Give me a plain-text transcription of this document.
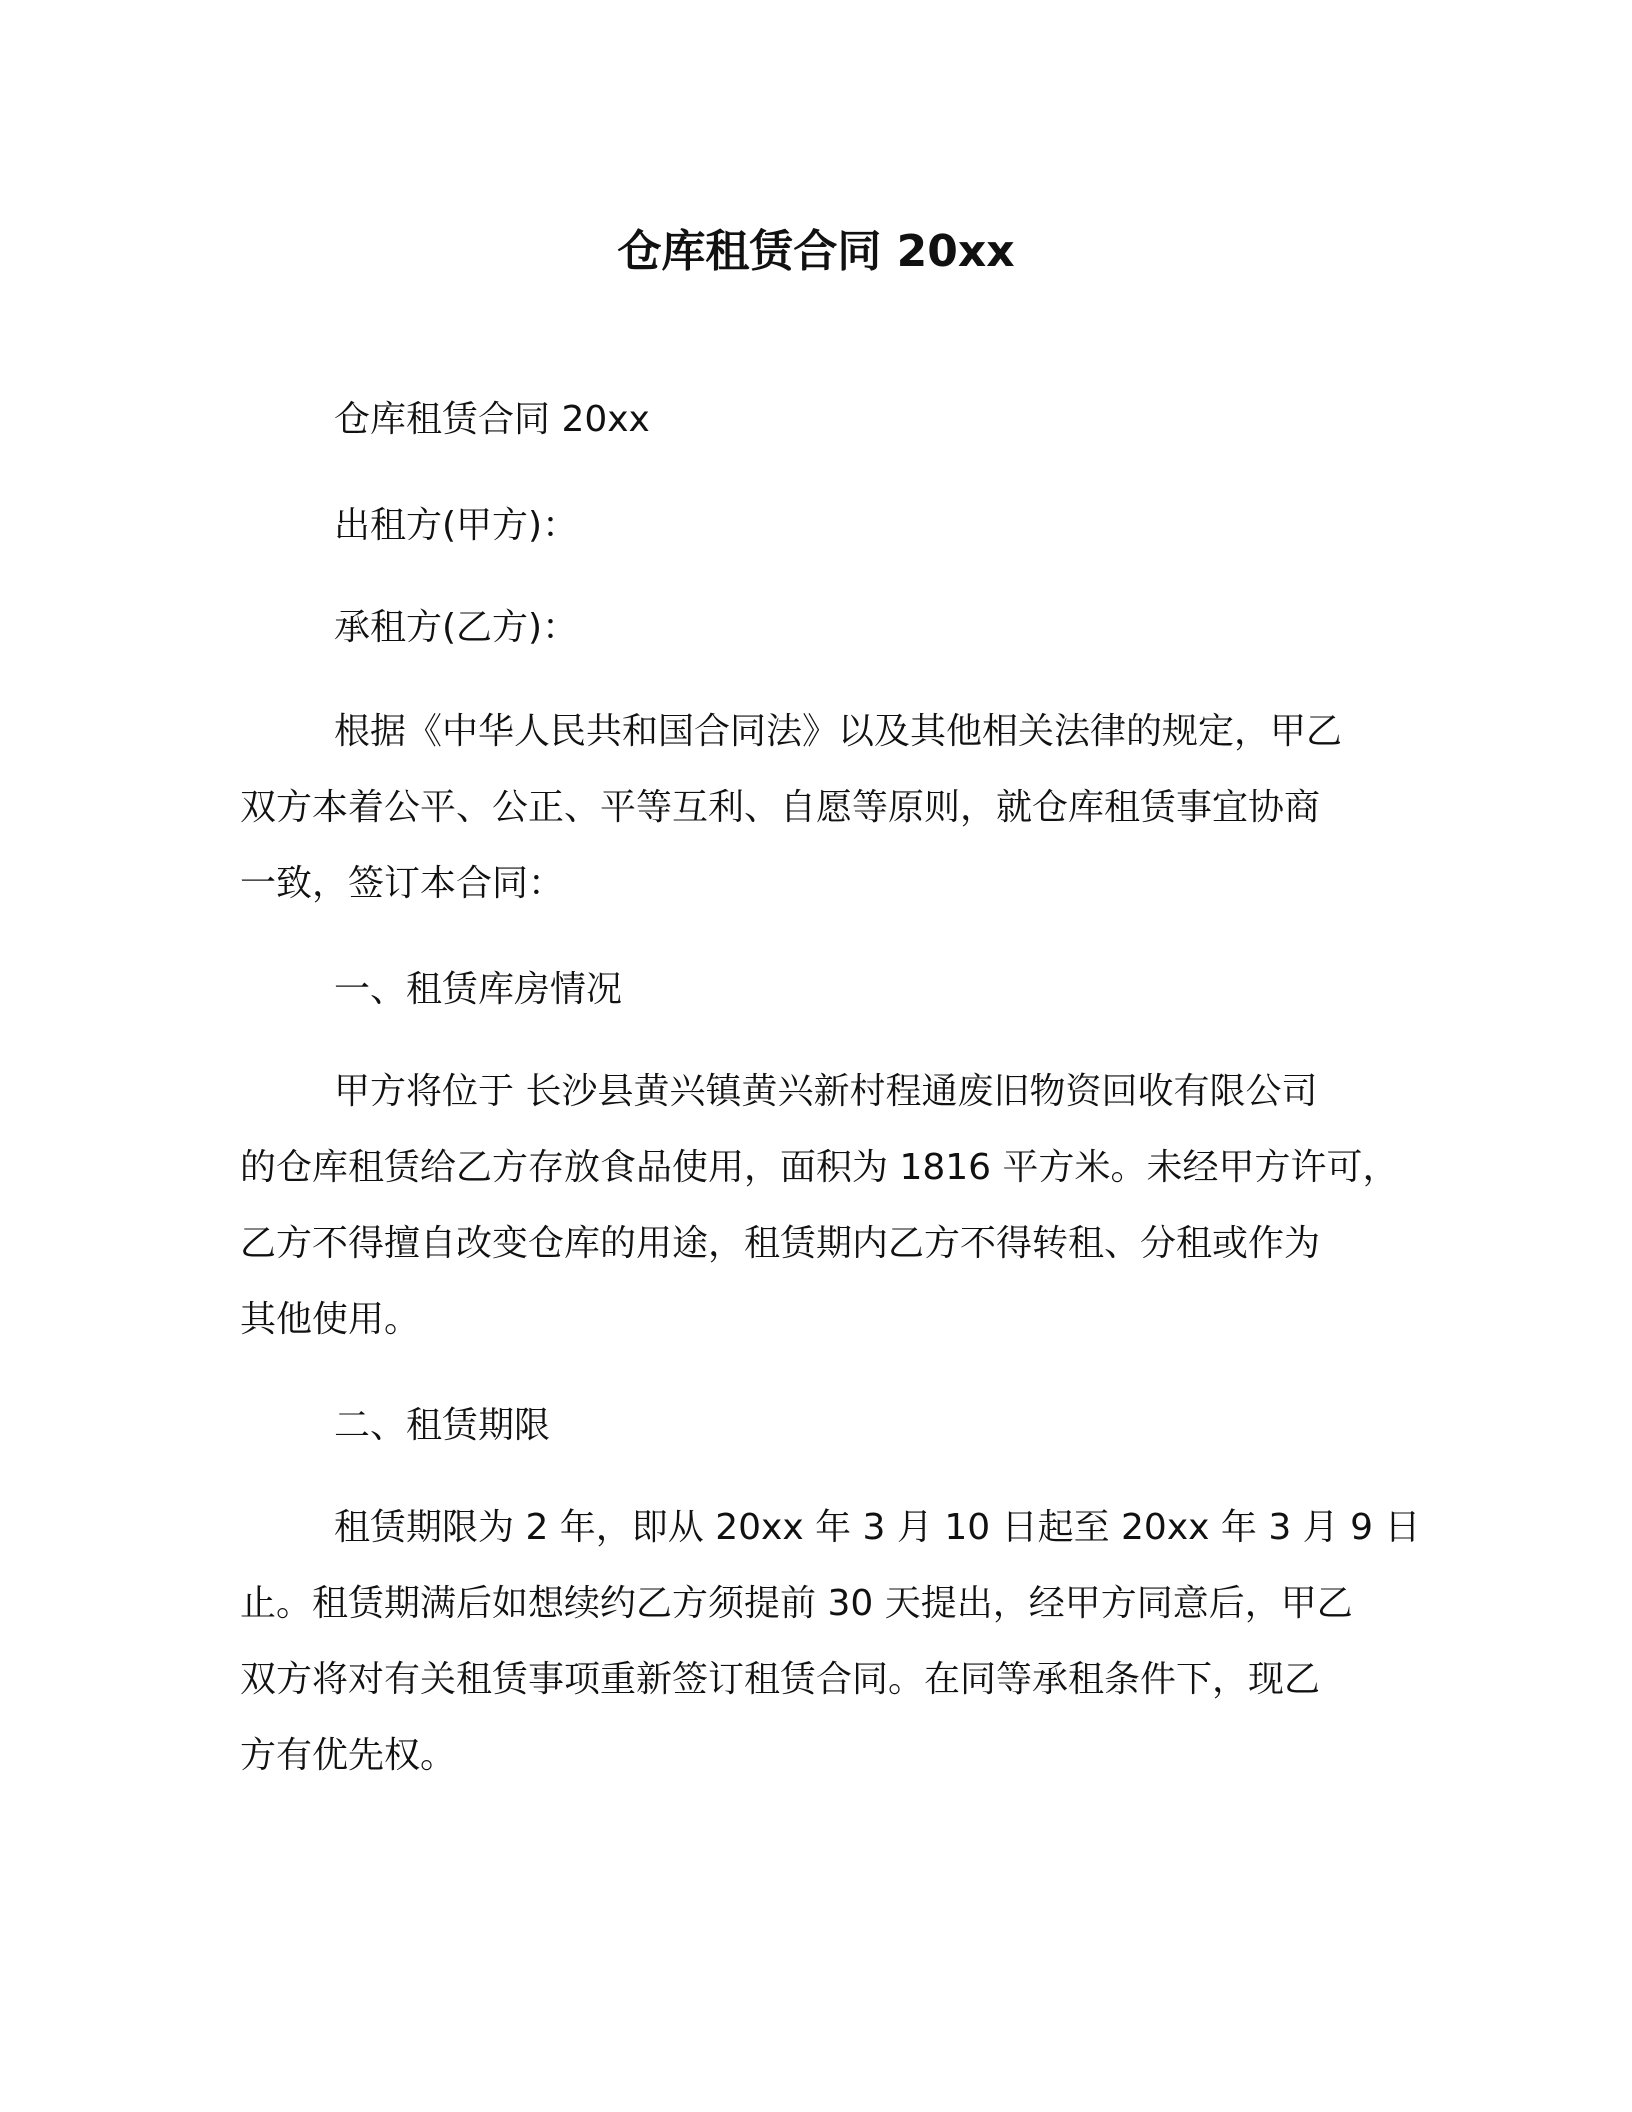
仓库租赁合同 20xx
仓库租赁合同 20xx
出租方(甲方)：
承租方(乙方)：
根据《中华人民共和国合同法》以及其他相关法律的规定，甲乙
双方本着公平、公正、平等互利、自愿等原则，就仓库租赁事宜协商
一致，签订本合同：
一、租赁库房情况
甲方将位于 长沙县黄兴镇黄兴新村程通废旧物资回收有限公司
的仓库租赁给乙方存放食品使用，面积为 1816 平方米。未经甲方许可，
乙方不得擅自改变仓库的用途，租赁期内乙方不得转租、分租或作为
其他使用。
二、租赁期限
租赁期限为 2 年，即从 20xx 年 3 月 10 日起至 20xx 年 3 月 9 日
止。租赁期满后如想续约乙方须提前 30 天提出，经甲方同意后，甲乙
双方将对有关租赁事项重新签订租赁合同。在同等承租条件下，现乙
方有优先权。
